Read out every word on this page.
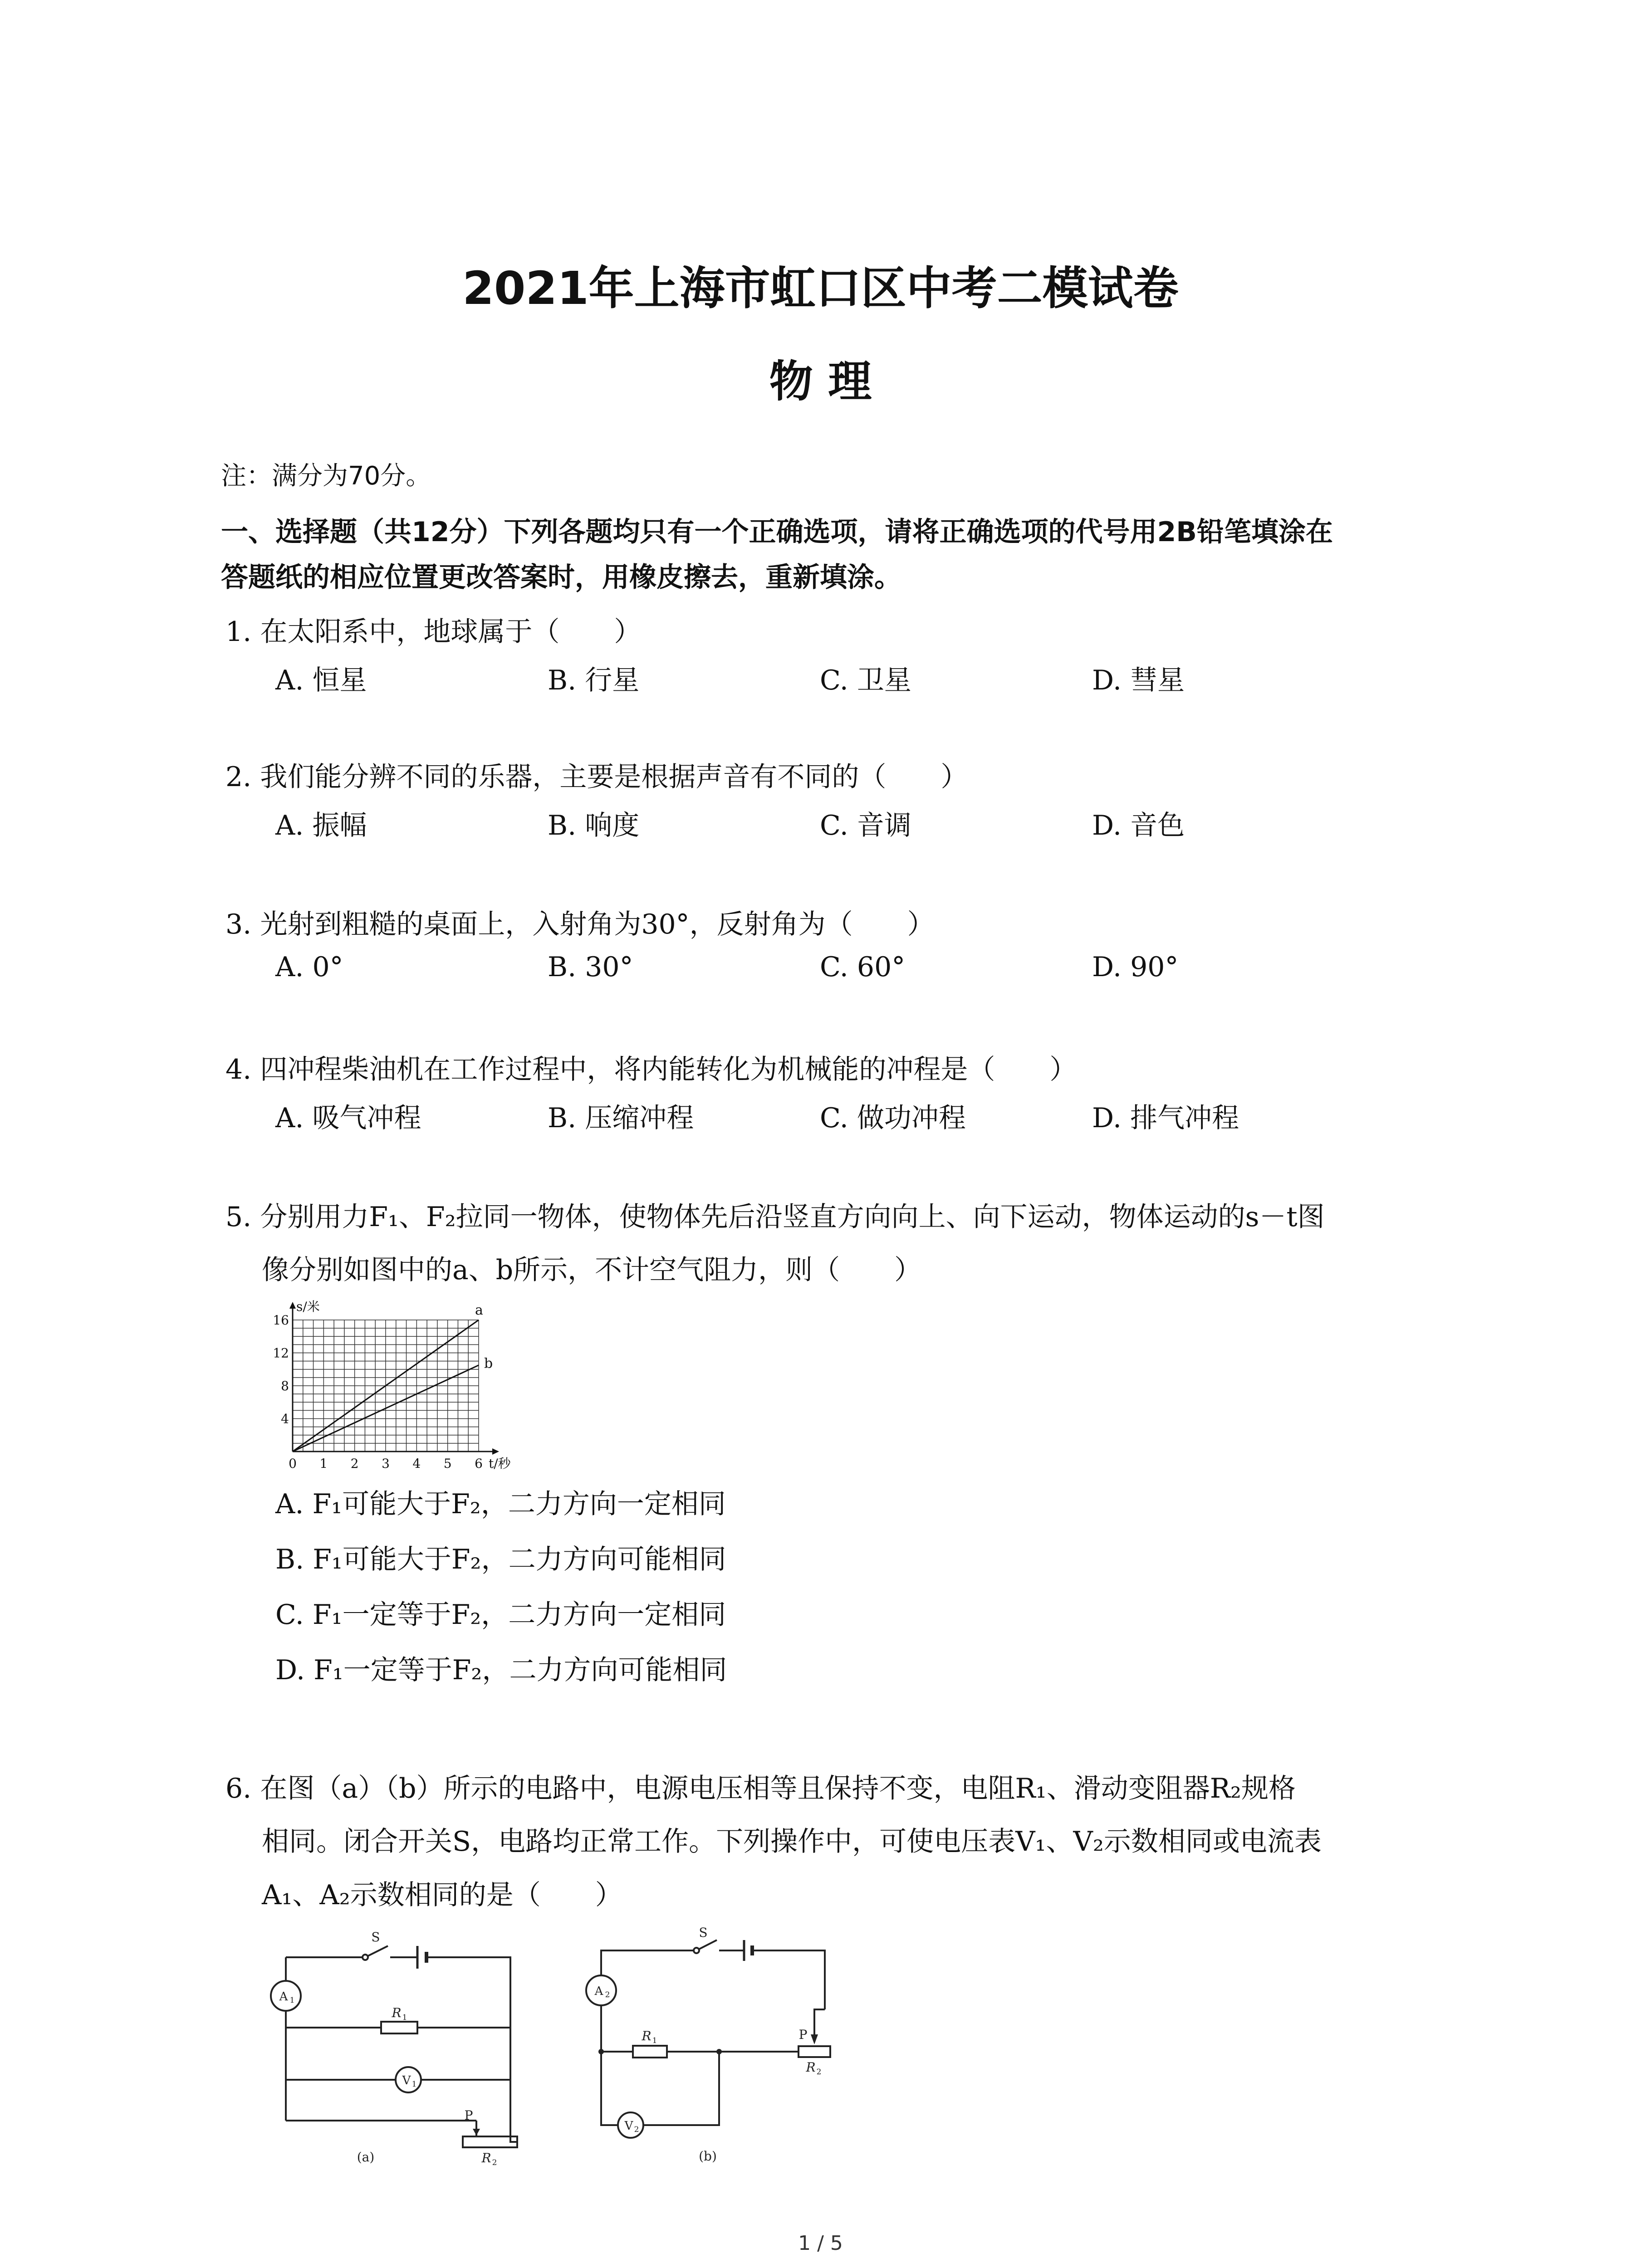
2021年上海市虹口区中考二模试卷
物 理
注：满分为70分。
一、选择题（共12分）下列各题均只有一个正确选项，请将正确选项的代号用2B铅笔填涂在
答题纸的相应位置更改答案时，用橡皮擦去，重新填涂。
1. 在太阳系中，地球属于（　　）
A. 恒星	B. 行星	C. 卫星	D. 彗星
2. 我们能分辨不同的乐器，主要是根据声音有不同的（　　）
A. 振幅	B. 响度	C. 音调	D. 音色
3. 光射到粗糙的桌面上，入射角为30°，反射角为（　　）
A. 0°	B. 30°	C. 60°	D. 90°
4. 四冲程柴油机在工作过程中，将内能转化为机械能的冲程是（　　）
A. 吸气冲程	B. 压缩冲程	C. 做功冲程	D. 排气冲程
5. 分别用力F₁、F₂拉同一物体，使物体先后沿竖直方向向上、向下运动，物体运动的s－t图
像分别如图中的a、b所示，不计空气阻力，则（　　）
a
b
0 1 2 3 4 5 6
4
8
12
16
s/米
t/秒
A. F₁可能大于F₂，二力方向一定相同
B. F₁可能大于F₂，二力方向可能相同
C. F₁一定等于F₂，二力方向一定相同
D. F₁一定等于F₂，二力方向可能相同
6. 在图（a）（b）所示的电路中，电源电压相等且保持不变，电阻R₁、滑动变阻器R₂规格
相同。闭合开关S，电路均正常工作。下列操作中，可使电压表V₁、V₂示数相同或电流表
A₁、A₂示数相同的是（　　）
S
A 1
R 1
V 1
P
R 2
(a)
S
A 2
R 1
V 2
P
R 2
(b)
1 / 5
